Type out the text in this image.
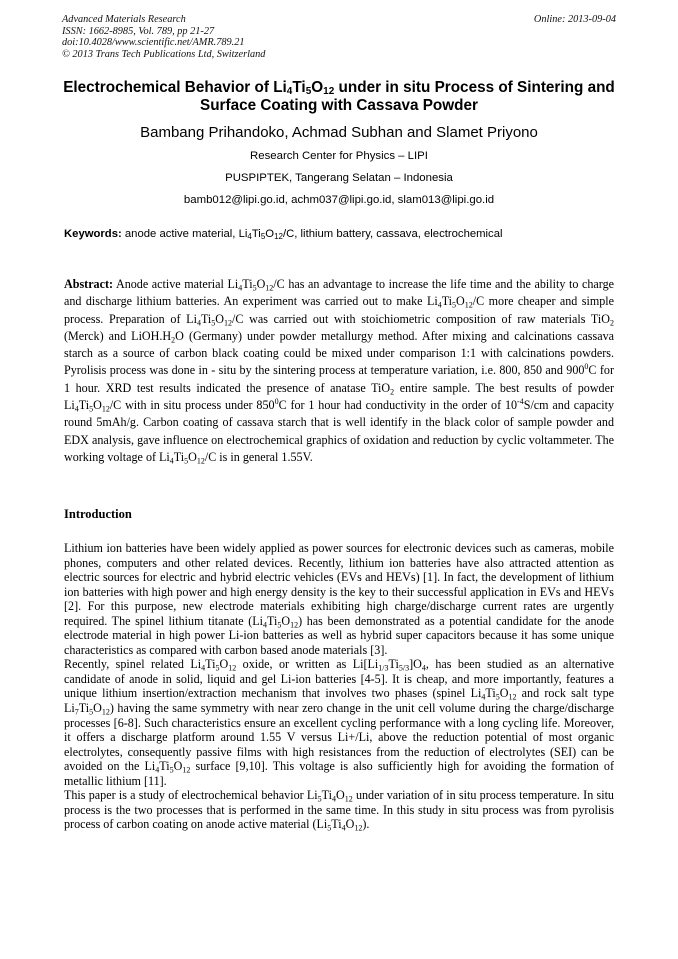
Advanced Materials Research
ISSN: 1662-8985, Vol. 789, pp 21-27
doi:10.4028/www.scientific.net/AMR.789.21
© 2013 Trans Tech Publications Ltd, Switzerland
Online: 2013-09-04
Electrochemical Behavior of $Li_4Ti_5O_{12}$ under in situ Process of Sintering and Surface Coating with Cassava Powder
Bambang Prihandoko, Achmad Subhan and Slamet Priyono
Research Center for Physics – LIPI
PUSPIPTEK, Tangerang Selatan – Indonesia
bamb012@lipi.go.id, achm037@lipi.go.id, slam013@lipi.go.id
Keywords: anode active material, $Li_4Ti_5O_{12}/C$, lithium battery, cassava, electrochemical

Abstract: Anode active material $Li_4Ti_5O_{12}/C$ has an advantage to increase the life time and the ability to charge and discharge lithium batteries. An experiment was carried out to make $Li_4Ti_5O_{12}/C$ more cheaper and simple process. Preparation of $Li_4Ti_5O_{12}/C$ was carried out with stoichiometric composition of raw materials TiO$_2$ (Merck) and $LiOH.H_2O$ (Germany) under powder metallurgy method. After mixing and calcinations cassava starch as a source of carbon black coating could be mixed under comparison 1:1 with calcinations powders. Pyrolisis process was done in - situ by the sintering process at temperature variation, i.e. 800, 850 and $900^0C$ for 1 hour. XRD test results indicated the presence of anatase TiO$_2$ entire sample. The best results of powder $Li_4Ti_5O_{12}/C$ with in situ process under $850^0C$ for 1 hour had conductivity in the order of $10^{-4}S/cm$ and capacity round 5mAh/g. Carbon coating of cassava starch that is well identify in the black color of sample powder and EDX analysis, gave influence on electrochemical graphics of oxidation and reduction by cyclic voltammeter. The working voltage of $Li_4Ti_5O_{12}/C$ is in general 1.55V.

Introduction

Lithium ion batteries have been widely applied as power sources for electronic devices such as cameras, mobile phones, computers and other related devices. Recently, lithium ion batteries have also attracted attention as electric sources for electric and hybrid electric vehicles (EVs and HEVs) [1]. In fact, the development of lithium ion batteries with high power and high energy density is the key to their successful application in EVs and HEVs [2]. For this purpose, new electrode materials exhibiting high charge/discharge current rates are urgently required. The spinel lithium titanate $(Li_4Ti_5O_{12})$ has been demonstrated as a potential candidate for the anode electrode material in high power Li-ion batteries as well as hybrid super capacitors because it has some unique characteristics as compared with carbon based anode materials [3].

Recently, spinel related $Li_4Ti_5O_{12}$ oxide, or written as $Li[Li_{1/3}Ti_{5/3}]O_4$, has been studied as an alternative candidate of anode in solid, liquid and gel Li-ion batteries [4-5]. It is cheap, and more importantly, features a unique lithium insertion/extraction mechanism that involves two phases (spinel $Li_4Ti_5O_{12}$ and rock salt type $Li_7Ti_5O_{12}$) having the same symmetry with near zero change in the unit cell volume during the charge/discharge processes [6-8]. Such characteristics ensure an excellent cycling performance with a long cycling life. Moreover, it offers a discharge platform around 1.55 V versus Li+/Li, above the reduction potential of most organic electrolytes, consequently passive films with high resistances from the reduction of electrolytes (SEI) can be avoided on the $Li_4Ti_5O_{12}$ surface [9,10]. This voltage is also sufficiently high for avoiding the formation of metallic lithium [11].

This paper is a study of electrochemical behavior $Li_5Ti_4O_{12}$ under variation of in situ process temperature. In situ process is the two processes that is performed in the same time. In this study in situ process was from pyrolisis process of carbon coating on anode active material $(Li_5Ti_4O_{12})$.
